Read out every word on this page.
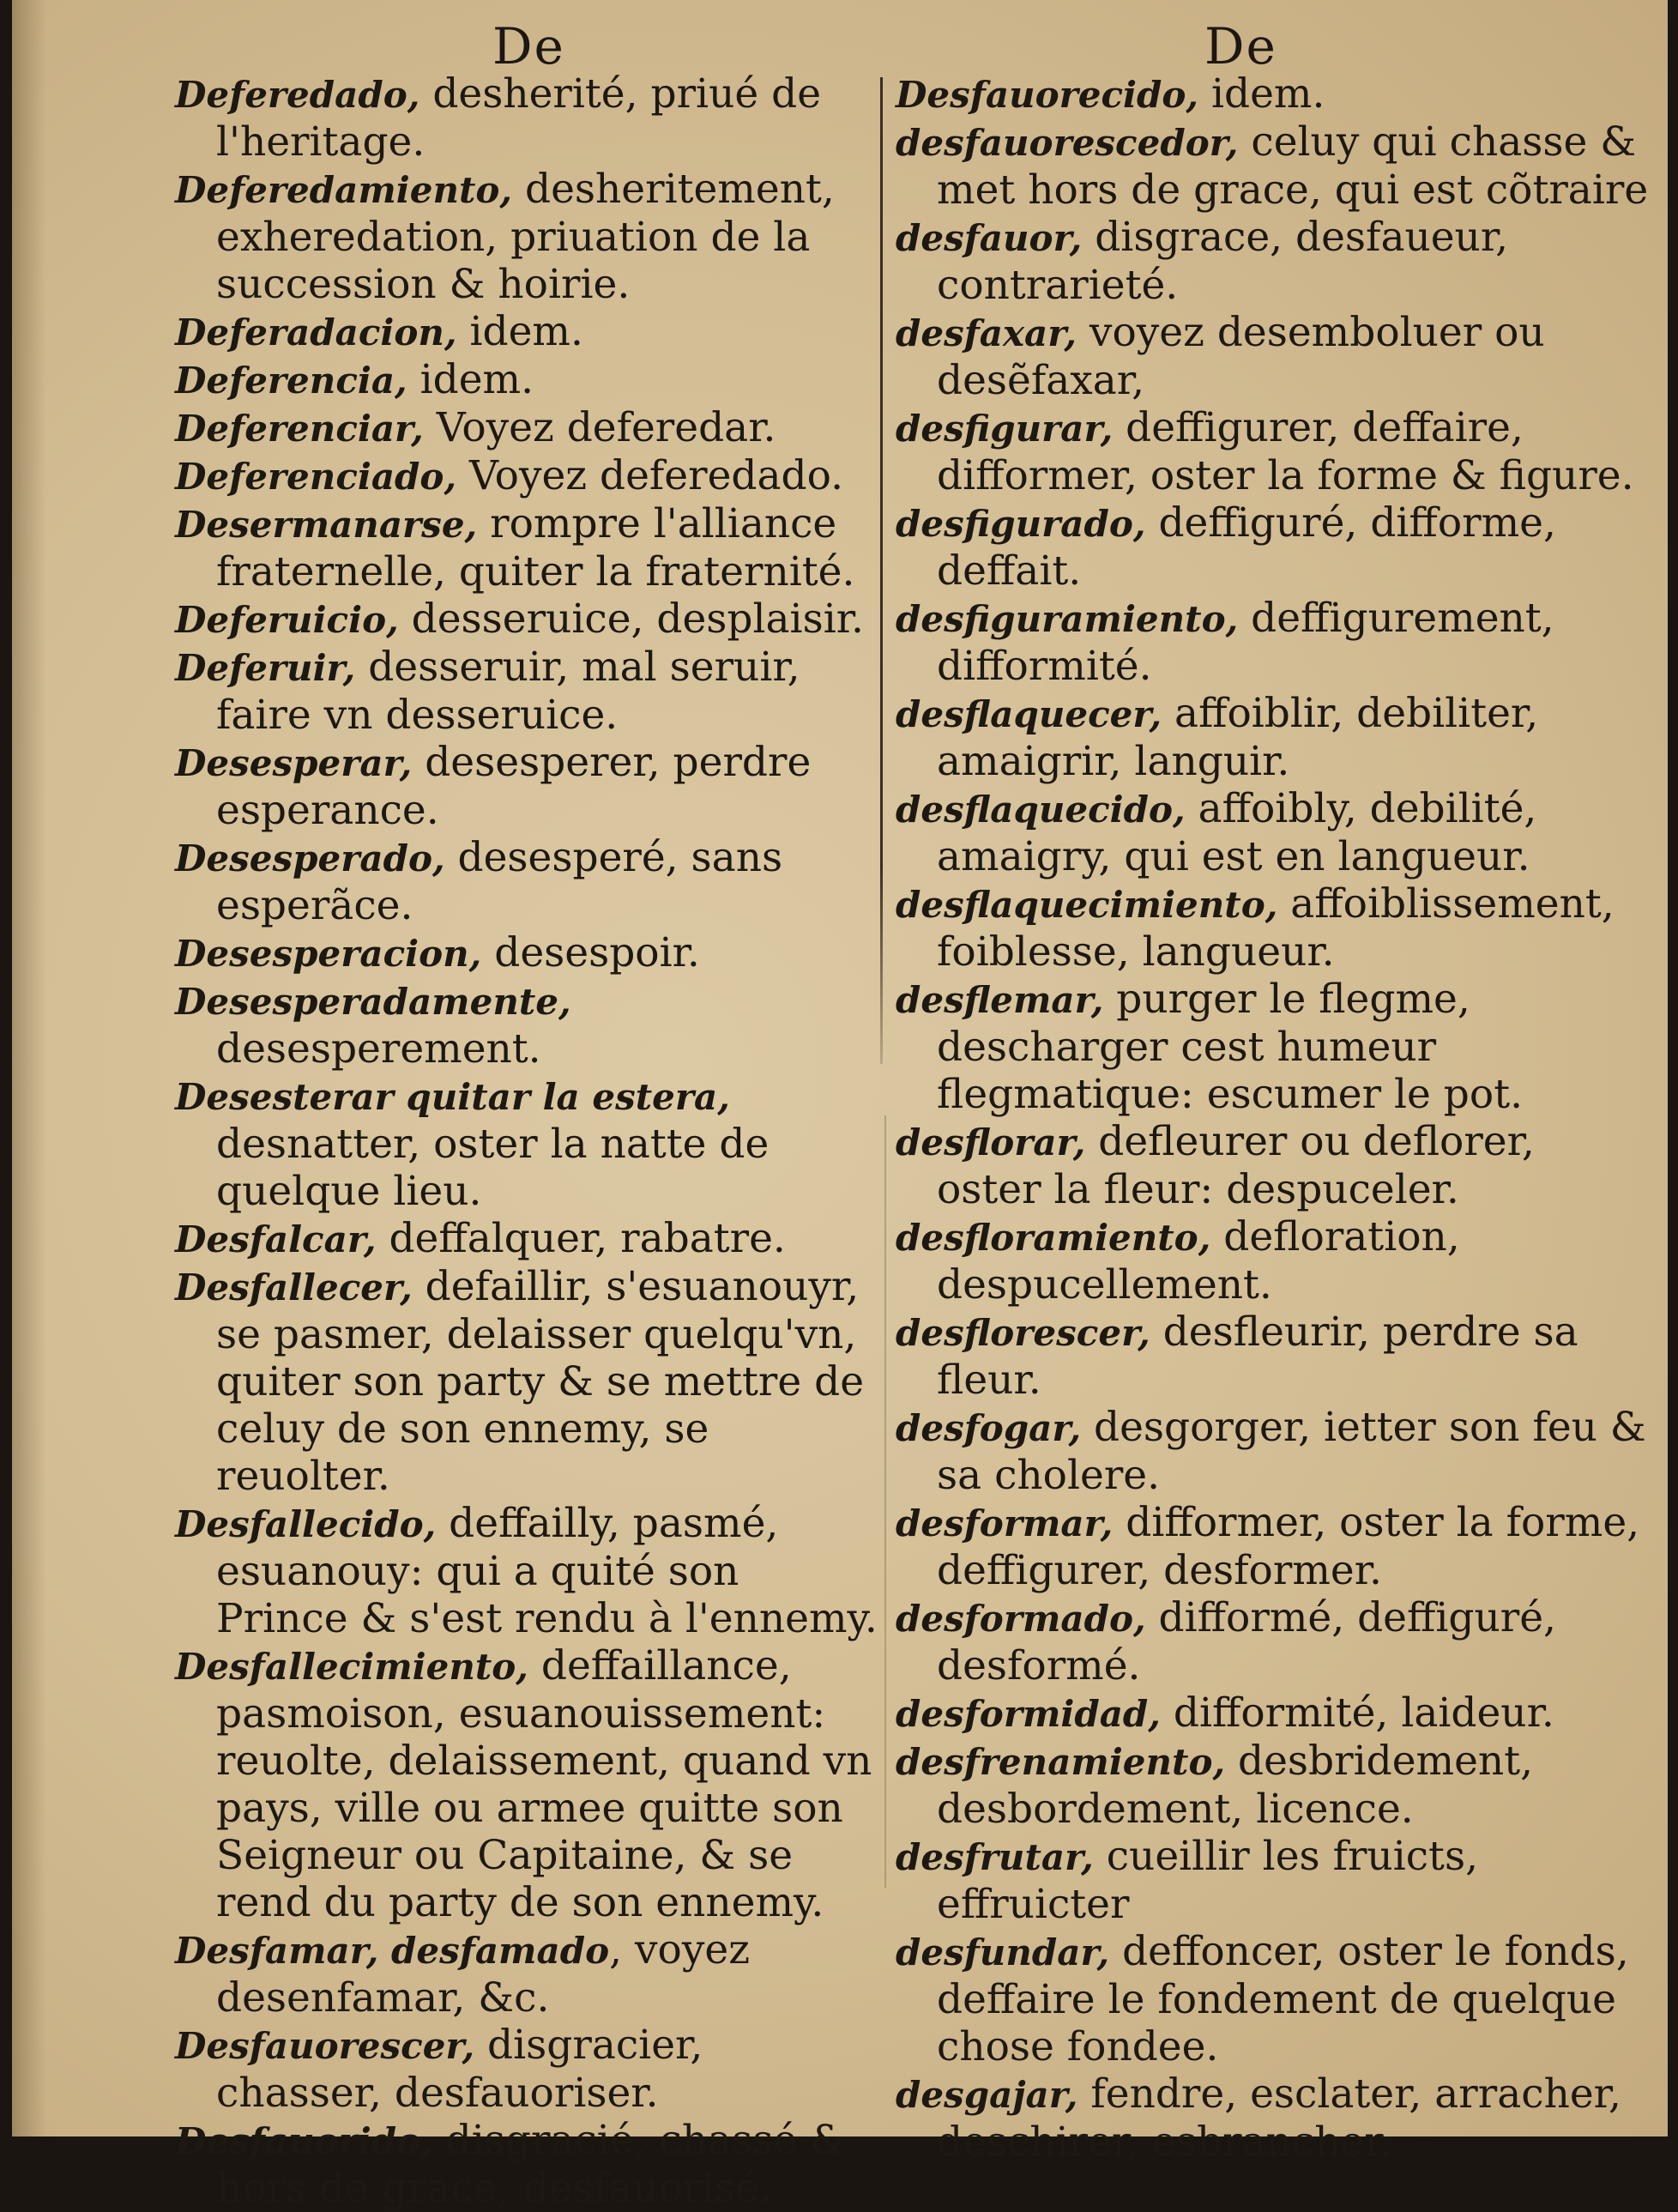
De

Deferedado, desherité, priué de l'heritage.

Deferedamiento, desheritement, exheredation, priuation de la succession & hoirie.

Deferadacion, idem.

Deferencia, idem.

Deferenciar, Voyez deferedar.

Deferenciado, Voyez deferedado.

Desermanarse, rompre l'alliance fraternelle, quiter la fraternité.

Deferuicio, desseruice, desplaisir.

Deferuir, desseruir, mal seruir, faire vn desseruice.

Desesperar, desesperer, perdre esperance.

Desesperado, desesperé, sans esperãce.

Desesperacion, desespoir.

Desesperadamente, desesperement.

Desesterar quitar la estera, desnatter, oster la natte de quelque lieu.

Desfalcar, deffalquer, rabatre.

Desfallecer, defaillir, s'esuanouyr, se pasmer, delaisser quelqu'vn, quiter son party & se mettre de celuy de son ennemy, se reuolter.

Desfallecido, deffailly, pasmé, esuanouy: qui a quité son Prince & s'est rendu à l'ennemy.

Desfallecimiento, deffaillance, pasmoison, esuanouissement: reuolte, delaissement, quand vn pays, ville ou armee quitte son Seigneur ou Capitaine, & se rend du party de son ennemy.

Desfamar, desfamado, voyez desenfamar, &c.

Desfauorescer, disgracier, chasser, desfauoriser.

Desfauorido, disgracié, chassé & hors de grace, desfauorisé.

De

Desfauorecido, idem.

desfauorescedor, celuy qui chasse & met hors de grace, qui est cõtraire

desfauor, disgrace, desfaueur, contrarieté.

desfaxar, voyez desemboluer ou desẽfaxar,

desfigurar, deffigurer, deffaire, difformer, oster la forme & figure.

desfigurado, deffiguré, difforme, deffait.

desfiguramiento, deffigurement, difformité.

desflaquecer, affoiblir, debiliter, amaigrir, languir.

desflaquecido, affoibly, debilité, amaigry, qui est en langueur.

desflaquecimiento, affoiblissement, foiblesse, langueur.

desflemar, purger le flegme, descharger cest humeur flegmatique: escumer le pot.

desflorar, defleurer ou deflorer, oster la fleur: despuceler.

desfloramiento, defloration, despucellement.

desflorescer, desfleurir, perdre sa fleur.

desfogar, desgorger, ietter son feu & sa cholere.

desformar, difformer, oster la forme, deffigurer, desformer.

desformado, difformé, deffiguré, desformé.

desformidad, difformité, laideur.

desfrenamiento, desbridement, desbordement, licence.

desfrutar, cueillir les fruicts, effruicter

desfundar, deffoncer, oster le fonds, deffaire le fondement de quelque chose fondee.

desgajar, fendre, esclater, arracher, deschirer, esbrancher.
